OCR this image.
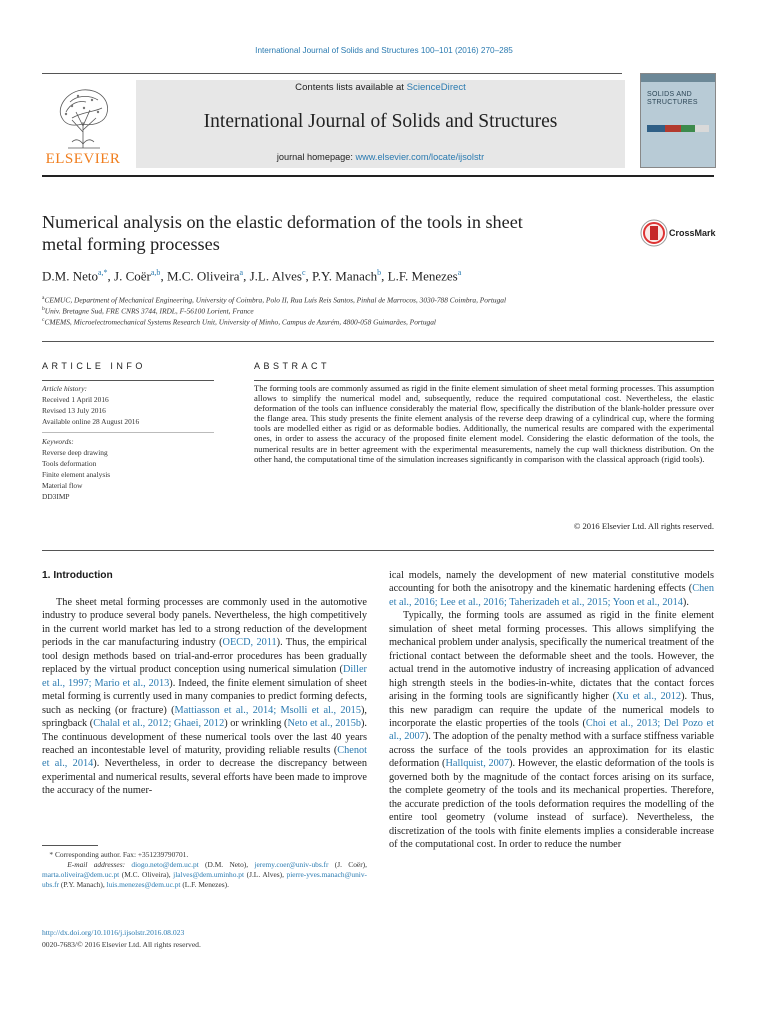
International Journal of Solids and Structures 100–101 (2016) 270–285
ELSEVIER
Contents lists available at ScienceDirect
International Journal of Solids and Structures
journal homepage: www.elsevier.com/locate/ijsolstr
SOLIDS AND STRUCTURES
Numerical analysis on the elastic deformation of the tools in sheet
metal forming processes
CrossMark
D.M. Neto$^{a,*}$, J. Coër$^{a,b}$, M.C. Oliveira$^a$, J.L. Alves$^c$, P.Y. Manach$^b$, L.F. Menezes$^a$
$^a$CEMUC, Department of Mechanical Engineering, University of Coimbra, Polo II, Rua Luís Reis Santos, Pinhal de Marrocos, 3030-788 Coimbra, Portugal
$^b$Univ. Bretagne Sud, FRE CNRS 3744, IRDL, F-56100 Lorient, France
$^c$CMEMS, Microelectromechanical Systems Research Unit, University of Minho, Campus de Azurém, 4800-058 Guimarães, Portugal
ARTICLE INFO
Article history:
Received 1 April 2016
Revised 13 July 2016
Available online 28 August 2016
Keywords:
Reverse deep drawing
Tools deformation
Finite element analysis
Material flow
DD3IMP
ABSTRACT
The forming tools are commonly assumed as rigid in the finite element simulation of sheet metal forming processes. This assumption allows to simplify the numerical model and, subsequently, reduce the required computational cost. Nevertheless, the elastic deformation of the tools can influence considerably the material flow, specifically the distribution of the blank-holder pressure over the flange area. This study presents the finite element analysis of the reverse deep drawing of a cylindrical cup, where the forming tools are modelled either as rigid or as deformable bodies. Additionally, the numerical results are compared with the experimental ones, in order to assess the accuracy of the proposed finite element model. Considering the elastic deformation of the tools, the numerical results are in better agreement with the experimental measurements, namely the cup wall thickness distribution. On the other hand, the computational time of the simulation increases significantly in comparison with the classical approach (rigid tools).
© 2016 Elsevier Ltd. All rights reserved.
1. Introduction

The sheet metal forming processes are commonly used in the automotive industry to produce several body panels. Nevertheless, the high competitively in the current world market has led to a strong reduction of the development periods in the car manufacturing industry (OECD, 2011). Thus, the empirical tool design methods based on trial-and-error procedures has been gradually replaced by the virtual product conception using numerical simulation (Diller et al., 1997; Mario et al., 2013). Indeed, the finite element simulation of sheet metal forming is currently used in many companies to predict forming defects, such as necking (or fracture) (Mattiasson et al., 2014; Msolli et al., 2015), springback (Chalal et al., 2012; Ghaei, 2012) or wrinkling (Neto et al., 2015b). The continuous development of these numerical tools over the last 40 years reached an incontestable level of maturity, providing reliable results (Chenot et al., 2014). Nevertheless, in order to decrease the discrepancy between experimental and numerical results, several efforts have been made to improve the accuracy of the numer-

ical models, namely the development of new material constitutive models accounting for both the anisotropy and the kinematic hardening effects (Chen et al., 2016; Lee et al., 2016; Taherizadeh et al., 2015; Yoon et al., 2014).

Typically, the forming tools are assumed as rigid in the finite element simulation of sheet metal forming processes. This allows simplifying the mechanical problem under analysis, specifically the numerical treatment of the frictional contact between the deformable sheet and the tools. However, the actual trend in the automotive industry of increasing application of advanced high strength steels in the bodies-in-white, dictates that the contact forces arising in the forming tools are significantly higher (Xu et al., 2012). Thus, this new paradigm can require the update of the numerical models to incorporate the elastic properties of the tools (Choi et al., 2013; Del Pozo et al., 2007). The adoption of the penalty method with a surface stiffness variable across the surface of the tools provides an approximation for its elastic deformation (Hallquist, 2007). However, the elastic deformation of the tools is governed both by the magnitude of the contact forces arising on its surface, the complete geometry of the tools and its mechanical properties. Therefore, the accurate prediction of the tools deformation requires the modelling of the entire tool geometry (volume instead of surface). Nevertheless, the discretization of the tools with finite elements implies a considerable increase of the computational cost. In order to reduce the number

* Corresponding author. Fax: +351239790701.
E-mail addresses: diogo.neto@dem.uc.pt (D.M. Neto), jeremy.coer@univ-ubs.fr (J. Coër), marta.oliveira@dem.uc.pt (M.C. Oliveira), jlalves@dem.uminho.pt (J.L. Alves), pierre-yves.manach@univ-ubs.fr (P.Y. Manach), luis.menezes@dem.uc.pt (L.F. Menezes).
http://dx.doi.org/10.1016/j.ijsolstr.2016.08.023
0020-7683/© 2016 Elsevier Ltd. All rights reserved.
